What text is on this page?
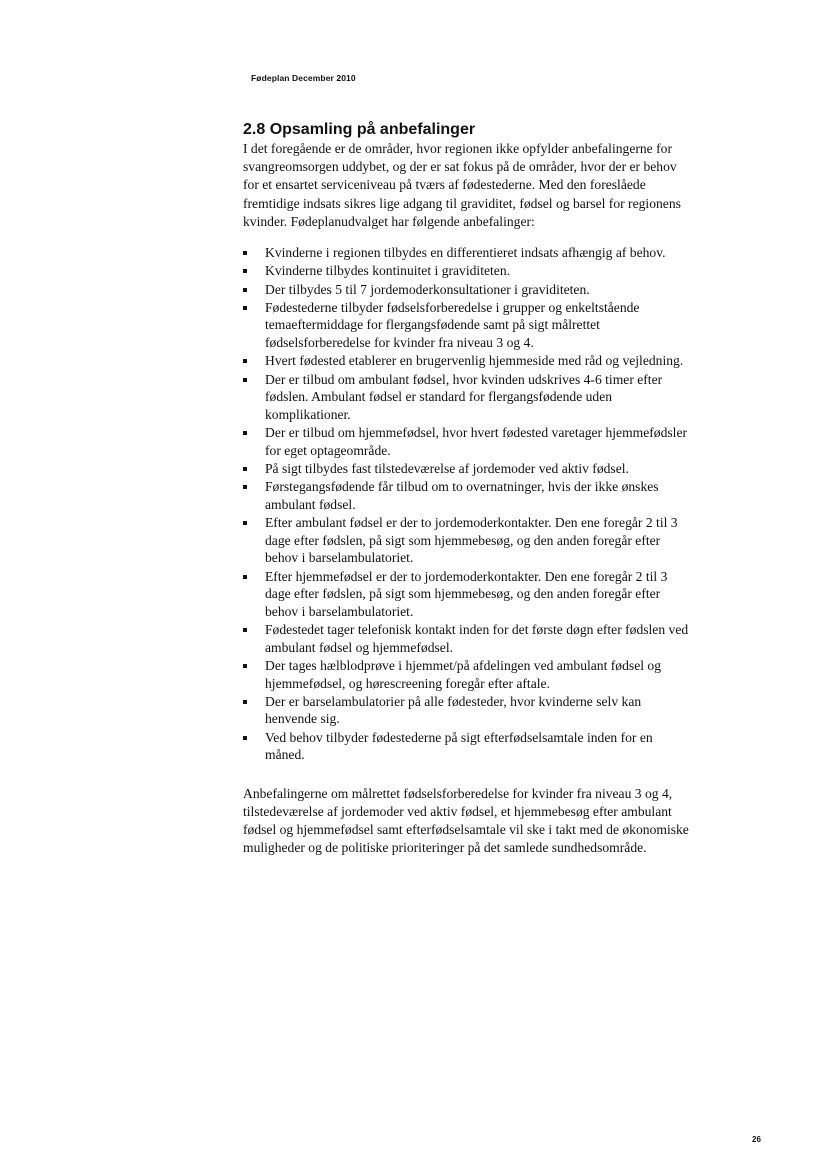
Fødeplan December 2010
2.8 Opsamling på anbefalinger

I det foregående er de områder, hvor regionen ikke opfylder anbefalingerne for svangreomsorgen uddybet, og der er sat fokus på de områder, hvor der er behov for et ensartet serviceniveau på tværs af fødestederne. Med den foreslåede fremtidige indsats sikres lige adgang til graviditet, fødsel og barsel for regionens kvinder. Fødeplanudvalget har følgende anbefalinger:

Kvinderne i regionen tilbydes en differentieret indsats afhængig af behov.
Kvinderne tilbydes kontinuitet i graviditeten.
Der tilbydes 5 til 7 jordemoderkonsultationer i graviditeten.
Fødestederne tilbyder fødselsforberedelse i grupper og enkeltstående temaeftermiddage for flergangsfødende samt på sigt målrettet fødselsforberedelse for kvinder fra niveau 3 og 4.
Hvert fødested etablerer en brugervenlig hjemmeside med råd og vejledning.
Der er tilbud om ambulant fødsel, hvor kvinden udskrives 4-6 timer efter fødslen. Ambulant fødsel er standard for flergangsfødende uden komplikationer.
Der er tilbud om hjemmefødsel, hvor hvert fødested varetager hjemmefødsler for eget optageområde.
På sigt tilbydes fast tilstedeværelse af jordemoder ved aktiv fødsel.
Førstegangsfødende får tilbud om to overnatninger, hvis der ikke ønskes ambulant fødsel.
Efter ambulant fødsel er der to jordemoderkontakter. Den ene foregår 2 til 3 dage efter fødslen, på sigt som hjemmebesøg, og den anden foregår efter behov i barselambulatoriet.
Efter hjemmefødsel er der to jordemoderkontakter. Den ene foregår 2 til 3 dage efter fødslen, på sigt som hjemmebesøg, og den anden foregår efter behov i barselambulatoriet.
Fødestedet tager telefonisk kontakt inden for det første døgn efter fødslen ved ambulant fødsel og hjemmefødsel.
Der tages hælblodprøve i hjemmet/på afdelingen ved ambulant fødsel og hjemmefødsel, og hørescreening foregår efter aftale.
Der er barselambulatorier på alle fødesteder, hvor kvinderne selv kan henvende sig.
Ved behov tilbyder fødestederne på sigt efterfødselsamtale inden for en måned.

Anbefalingerne om målrettet fødselsforberedelse for kvinder fra niveau 3 og 4, tilstedeværelse af jordemoder ved aktiv fødsel, et hjemmebesøg efter ambulant fødsel og hjemmefødsel samt efterfødselsamtale vil ske i takt med de økonomiske muligheder og de politiske prioriteringer på det samlede sundhedsområde.

26
